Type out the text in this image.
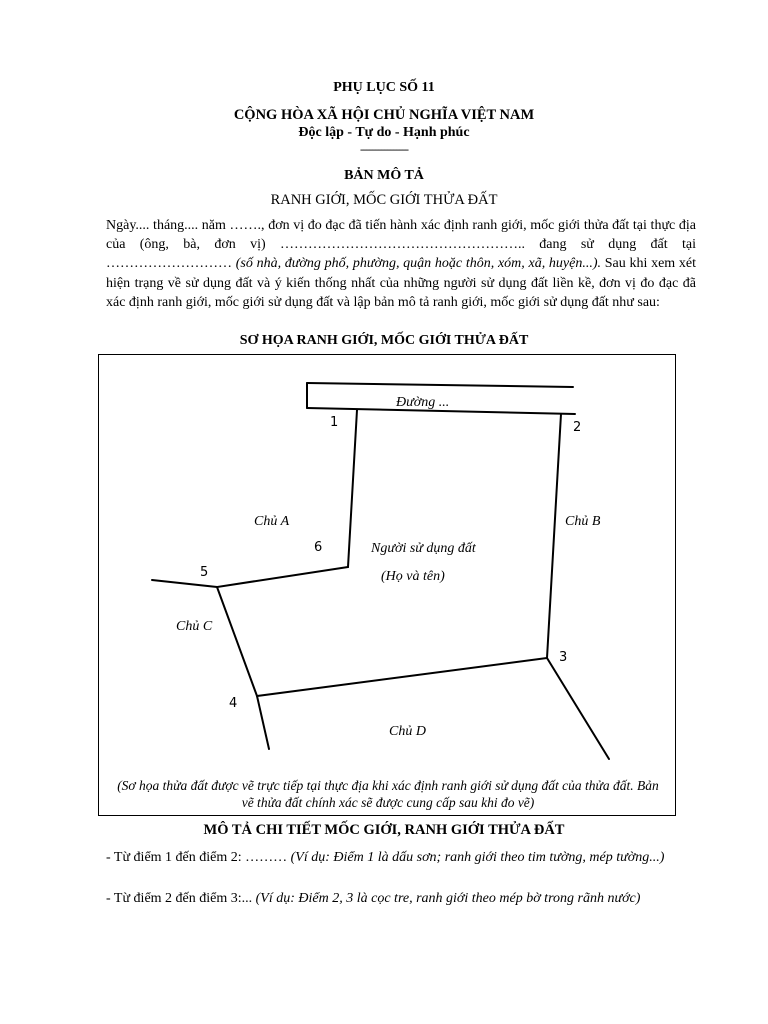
PHỤ LỤC SỐ 11
CỘNG HÒA XÃ HỘI CHỦ NGHĨA VIỆT NAM
Độc lập - Tự do - Hạnh phúc
----------------
BẢN MÔ TẢ
RANH GIỚI, MỐC GIỚI THỬA ĐẤT
Ngày.... tháng.... năm ……., đơn vị đo đạc đã tiến hành xác định ranh giới, mốc giới thửa đất tại thực địa của (ông, bà, đơn vị) …………………………………………….. đang sử dụng đất tại ……………………… (số nhà, đường phố, phường, quận hoặc thôn, xóm, xã, huyện...). Sau khi xem xét hiện trạng về sử dụng đất và ý kiến thống nhất của những người sử dụng đất liền kề, đơn vị đo đạc đã xác định ranh giới, mốc giới sử dụng đất và lập bản mô tả ranh giới, mốc giới sử dụng đất như sau:
SƠ HỌA RANH GIỚI, MỐC GIỚI THỬA ĐẤT
Đường ...
Chủ A	Chủ B
Chủ C
Chủ D
Người sử dụng đất
(Họ và tên)
1	2
3
4
5
6
(Sơ họa thửa đất được vẽ trực tiếp tại thực địa khi xác định ranh giới sử dụng đất của thửa đất. Bản vẽ thửa đất chính xác sẽ được cung cấp sau khi đo vẽ)
MÔ TẢ CHI TIẾT MỐC GIỚI, RANH GIỚI THỬA ĐẤT
- Từ điểm 1 đến điểm 2: ……… (Ví dụ: Điểm 1 là dấu sơn; ranh giới theo tim tường, mép tường...)
- Từ điểm 2 đến điểm 3:... (Ví dụ: Điểm 2, 3 là cọc tre, ranh giới theo mép bờ trong rãnh nước)
